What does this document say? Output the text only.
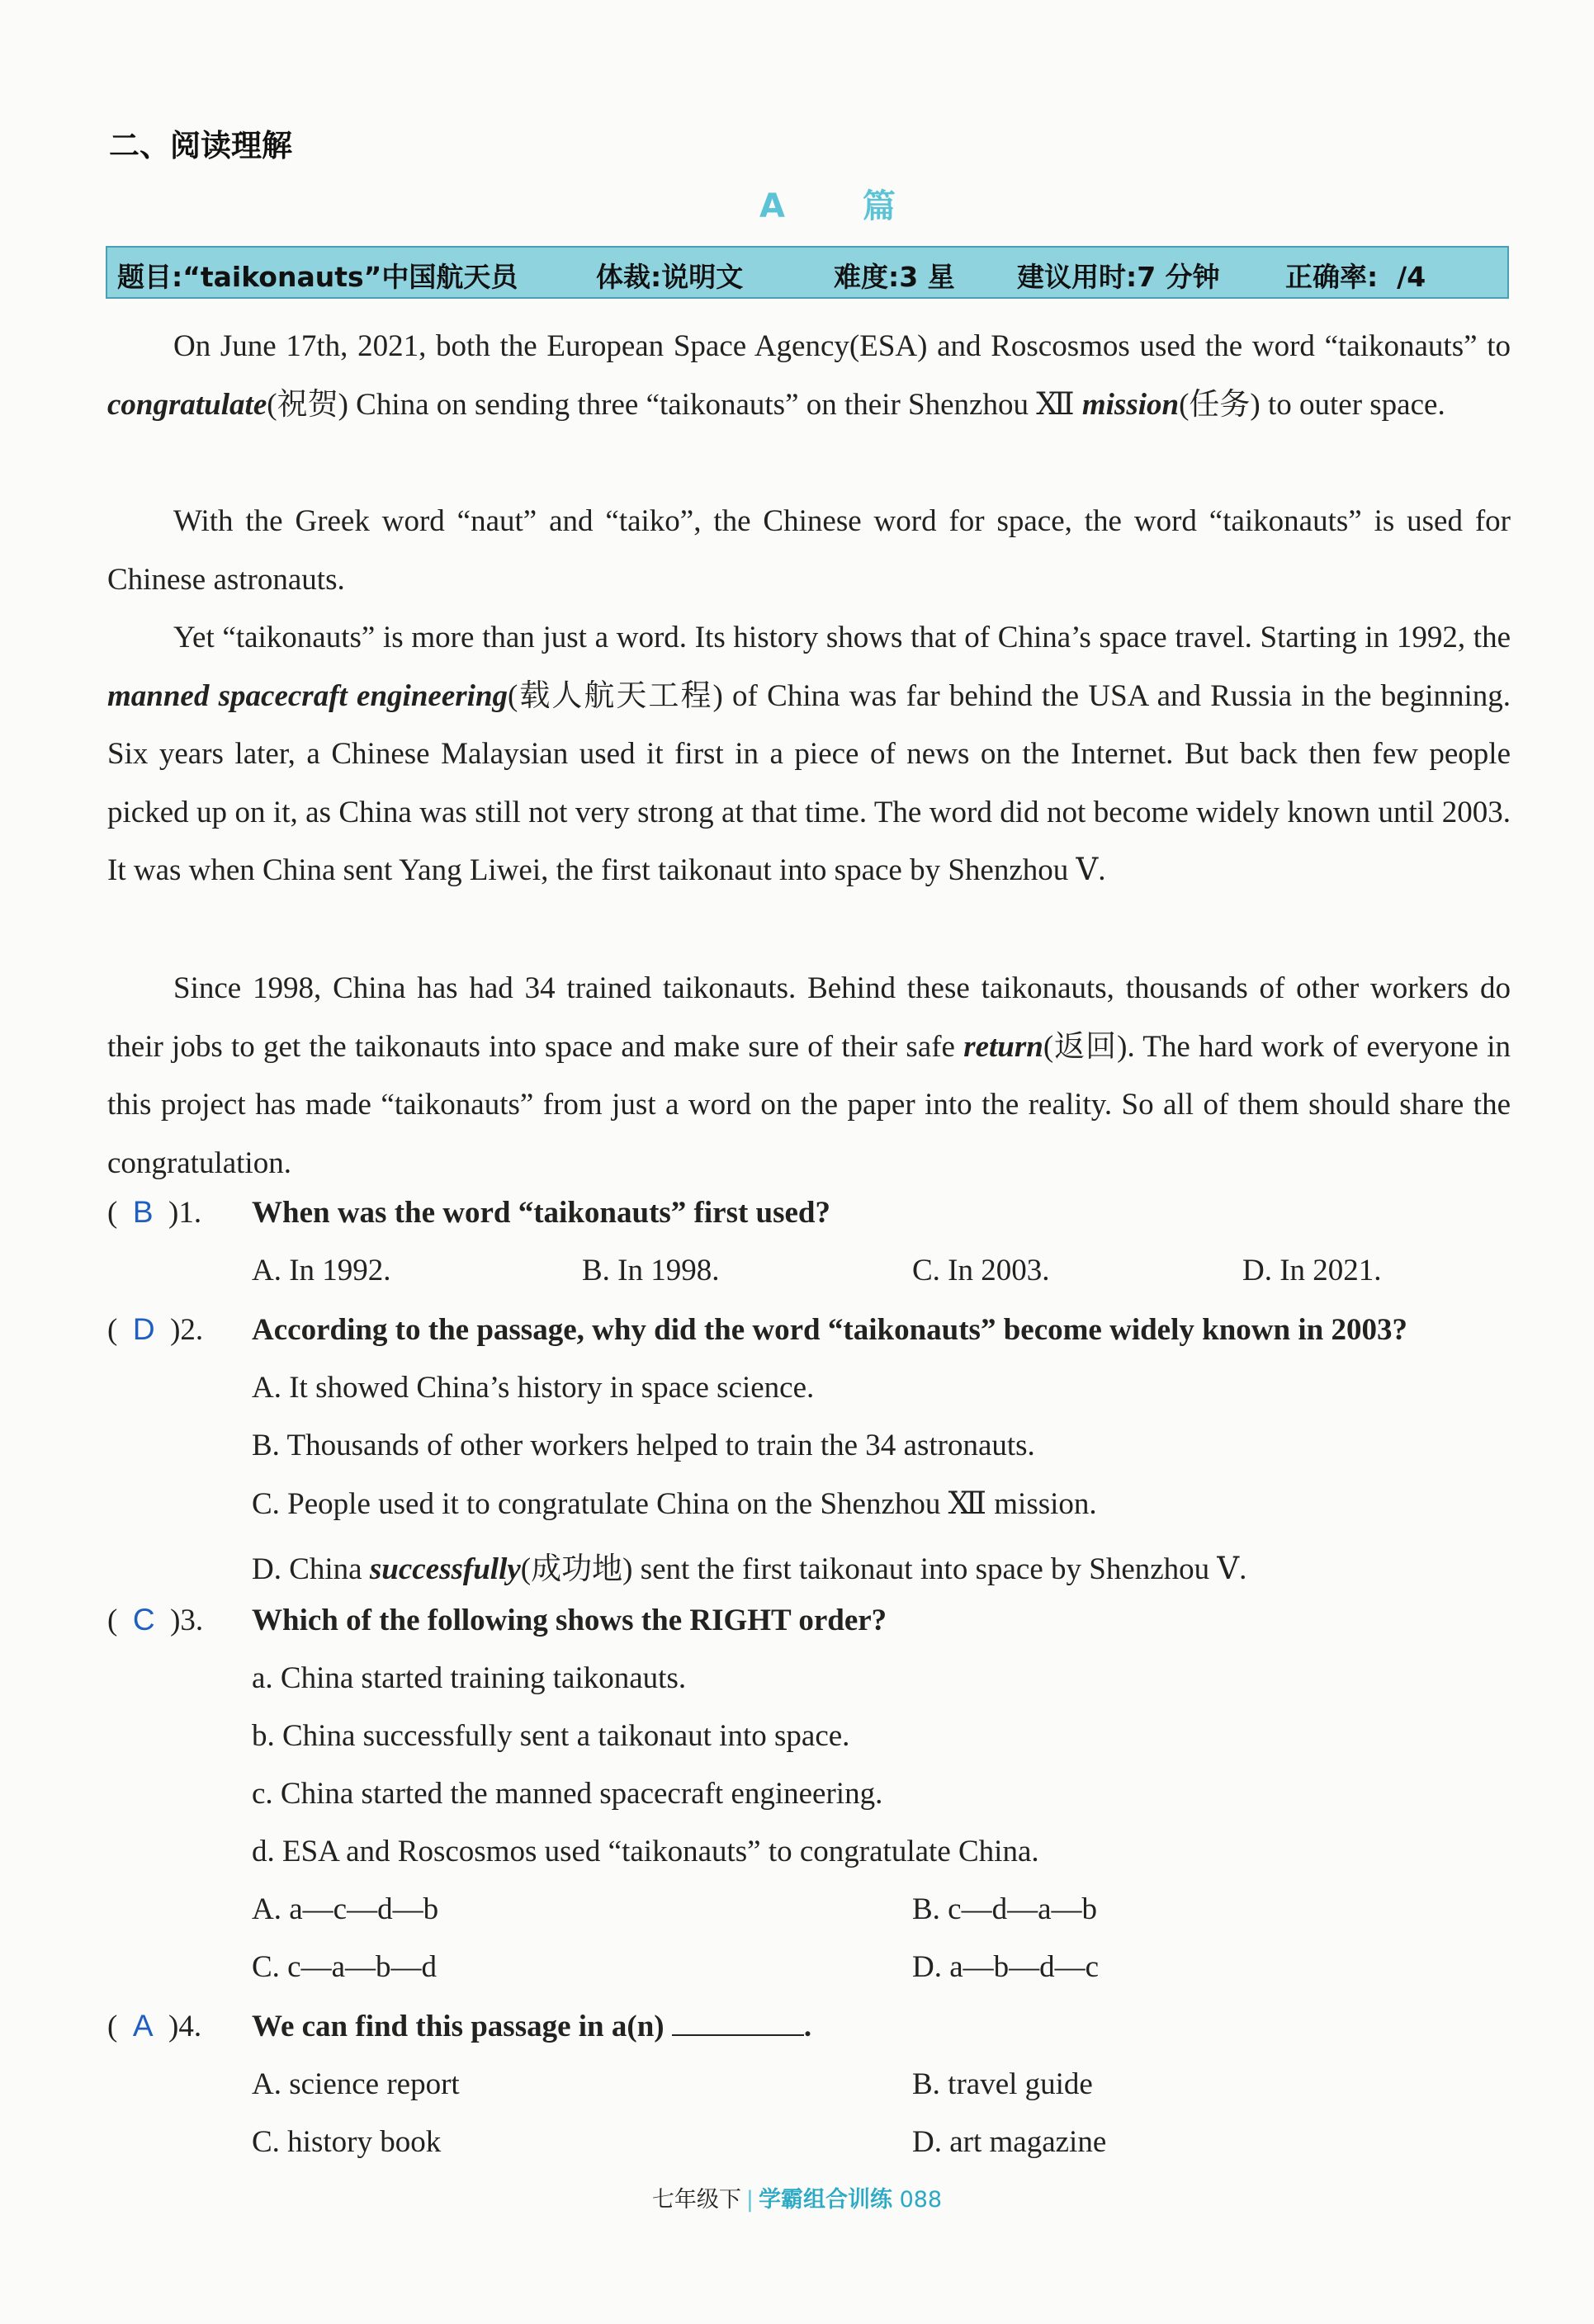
二、阅读理解
A 篇
题目:“taikonauts”中国航天员	体裁:说明文	难度:3 星 建议用时:7 分钟 正确率:  /4

On June 17th, 2021, both the European Space Agency(ESA) and Roscosmos used the word “taikonauts” to congratulate(祝贺) China on sending three “taikonauts” on their Shenzhou Ⅻ mission(任务) to outer space.

With the Greek word “naut” and “taiko”, the Chinese word for space, the word “taikonauts” is used for Chinese astronauts.

Yet “taikonauts” is more than just a word. Its history shows that of China’s space travel. Starting in 1992, the manned spacecraft engineering(载人航天工程) of China was far behind the USA and Russia in the beginning. Six years later, a Chinese Malaysian used it first in a piece of news on the Internet. But back then few people picked up on it, as China was still not very strong at that time. The word did not become widely known until 2003. It was when China sent Yang Liwei, the first taikonaut into space by Shenzhou Ⅴ.

Since 1998, China has had 34 trained taikonauts. Behind these taikonauts, thousands of other workers do their jobs to get the taikonauts into space and make sure of their safe return(返回). The hard work of everyone in this project has made “taikonauts” from just a word on the paper into the reality. So all of them should share the congratulation.

(  B )1. When was the word “taikonauts” first used?
A. In 1992.	B. In 1998.	C. In 2003.	D. In 2021.
(  D )2. According to the passage, why did the word “taikonauts” become widely known in 2003?
A. It showed China’s history in space science.
B. Thousands of other workers helped to train the 34 astronauts.
C. People used it to congratulate China on the Shenzhou Ⅻ mission.
D. China successfully(成功地) sent the first taikonaut into space by Shenzhou Ⅴ.
(  C )3. Which of the following shows the RIGHT order?
a. China started training taikonauts.
b. China successfully sent a taikonaut into space.
c. China started the manned spacecraft engineering.
d. ESA and Roscosmos used “taikonauts” to congratulate China.
A. a—c—d—b	B. c—d—a—b
C. c—a—b—d	D. a—b—d—c
(  A )4. We can find this passage in a(n)	.
A. science report	B. travel guide
C. history book	D. art magazine
七年级下 | 学霸组合训练 088
